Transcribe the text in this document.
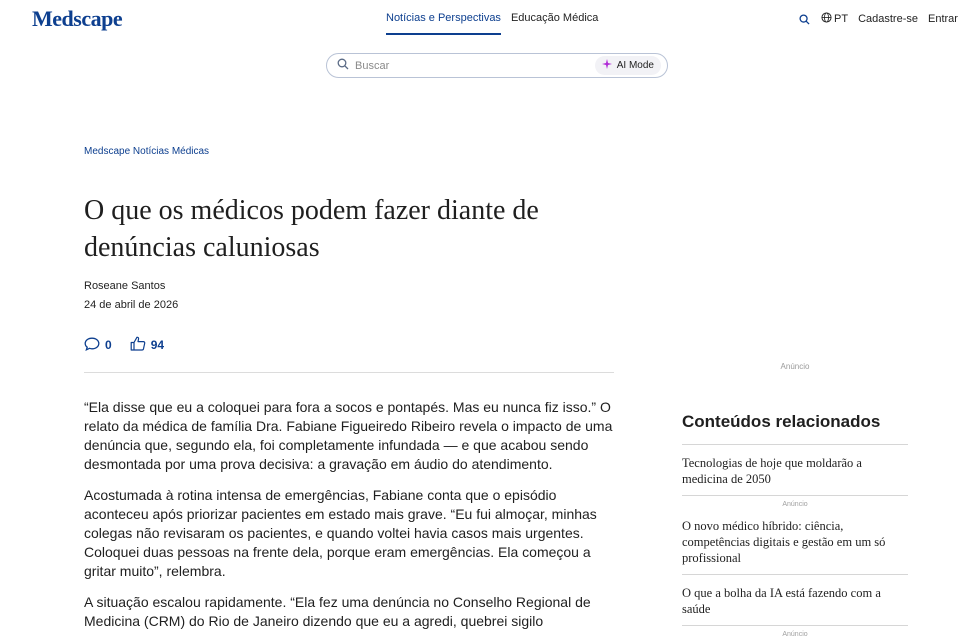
Medscape	Notícias e Perspectivas Educação Médica	PT Cadastre-se Entrar
Buscar
AI Mode
Medscape Notícias Médicas
O que os médicos podem fazer diante de denúncias caluniosas
Roseane Santos
24 de abril de 2026
0	94

“Ela disse que eu a coloquei para fora a socos e pontapés. Mas eu nunca fiz isso.” O relato da médica de família Dra. Fabiane Figueiredo Ribeiro revela o impacto de uma denúncia que, segundo ela, foi completamente infundada — e que acabou sendo desmontada por uma prova decisiva: a gravação em áudio do atendimento.

Acostumada à rotina intensa de emergências, Fabiane conta que o episódio aconteceu após priorizar pacientes em estado mais grave. “Eu fui almoçar, minhas colegas não revisaram os pacientes, e quando voltei havia casos mais urgentes. Coloquei duas pessoas na frente dela, porque eram emergências. Ela começou a gritar muito”, relembra.

A situação escalou rapidamente. “Ela fez uma denúncia no Conselho Regional de Medicina (CRM) do Rio de Janeiro dizendo que eu a agredi, quebrei sigilo

Anúncio
Conteúdos relacionados
Tecnologias de hoje que moldarão a medicina de 2050
Anúncio
O novo médico híbrido: ciência, competências digitais e gestão em um só profissional
O que a bolha da IA está fazendo com a saúde
Anúncio
